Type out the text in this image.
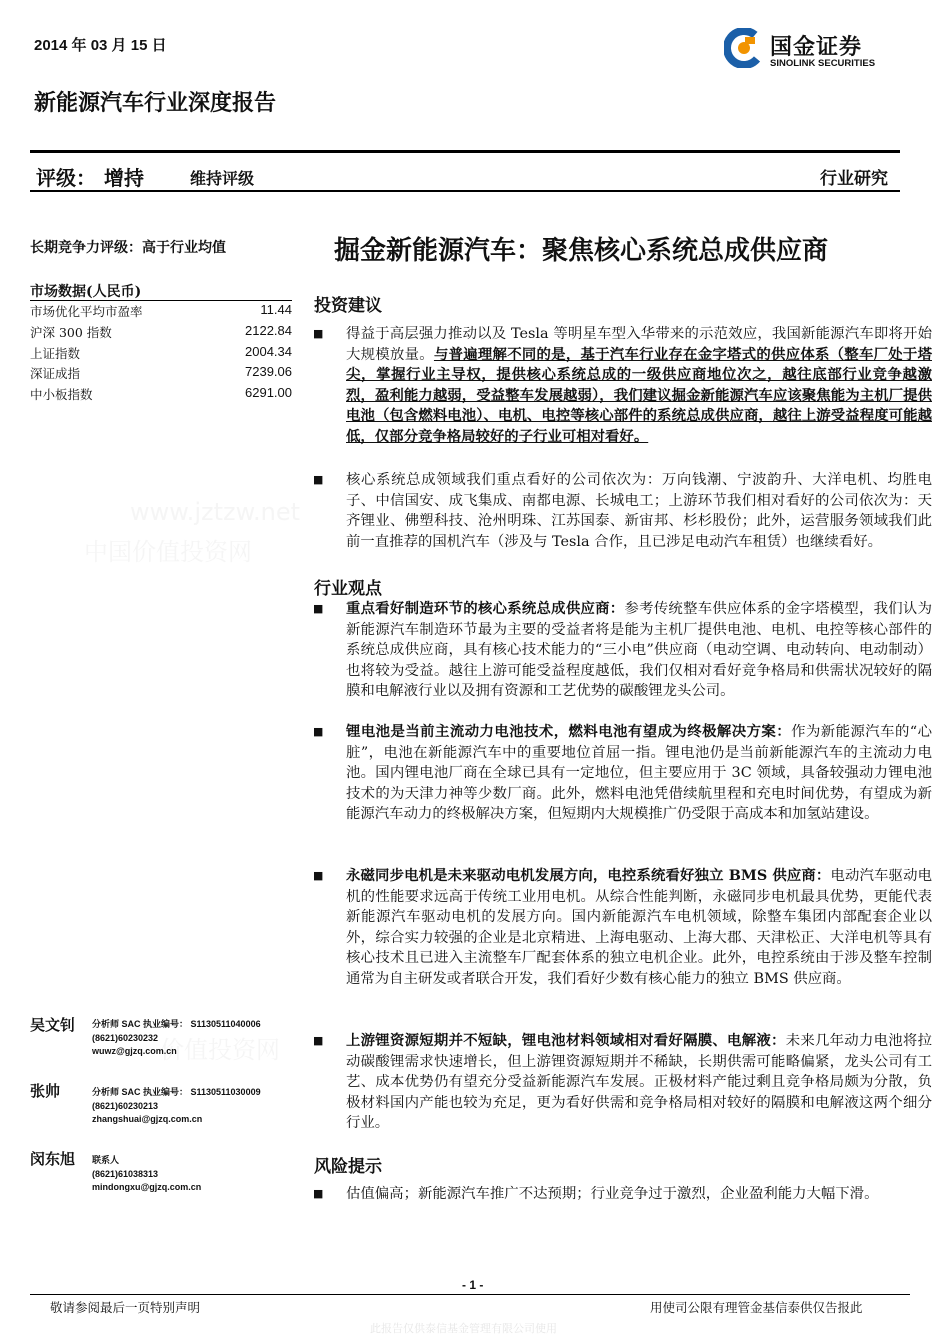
2014 年 03 月 15 日	国金证券
SINOLINK SECURITIES
新能源汽车行业深度报告
评级： 增持	维持评级	行业研究
长期竞争力评级：高于行业均值
市场数据(人民币)
市场优化平均市盈率	11.44
沪深 300 指数	2122.84
上证指数	2004.34
深证成指	7239.06
中小板指数	6291.00
吴文钊 分析师 SAC 执业编号： S1130511040006
(8621)60230232
wuwz@gjzq.com.cn
张帅	分析师 SAC 执业编号： S1130511030009
(8621)60230213
zhangshuai@gjzq.com.cn
闵东旭 联系人
(8621)61038313
mindongxu@gjzq.com.cn
掘金新能源汽车：聚焦核心系统总成供应商
投资建议
■ 得益于高层强力推动以及 Tesla 等明星车型入华带来的示范效应，我国新能源汽车即将开始大规模放量。与普遍理解不同的是，基于汽车行业存在金字塔式的供应体系（整车厂处于塔尖，掌握行业主导权，提供核心系统总成的一级供应商地位次之，越往底部行业竞争越激烈，盈利能力越弱，受益整车发展越弱），我们建议掘金新能源汽车应该聚焦能为主机厂提供电池（包含燃料电池）、电机、电控等核心部件的系统总成供应商，越往上游受益程度可能越低，仅部分竞争格局较好的子行业可相对看好。
■ 核心系统总成领域我们重点看好的公司依次为：万向钱潮、宁波韵升、大洋电机、均胜电子、中信国安、成飞集成、南都电源、长城电工；上游环节我们相对看好的公司依次为：天齐锂业、佛塑科技、沧州明珠、江苏国泰、新宙邦、杉杉股份；此外，运营服务领域我们此前一直推荐的国机汽车（涉及与 Tesla 合作，且已涉足电动汽车租赁）也继续看好。
行业观点
■ 重点看好制造环节的核心系统总成供应商：参考传统整车供应体系的金字塔模型，我们认为新能源汽车制造环节最为主要的受益者将是能为主机厂提供电池、电机、电控等核心部件的系统总成供应商，具有核心技术能力的“三小电”供应商（电动空调、电动转向、电动制动）也将较为受益。越往上游可能受益程度越低，我们仅相对看好竞争格局和供需状况较好的隔膜和电解液行业以及拥有资源和工艺优势的碳酸锂龙头公司。
■ 锂电池是当前主流动力电池技术，燃料电池有望成为终极解决方案：作为新能源汽车的“心脏”，电池在新能源汽车中的重要地位首屈一指。锂电池仍是当前新能源汽车的主流动力电池。国内锂电池厂商在全球已具有一定地位，但主要应用于 3C 领域，具备较强动力锂电池技术的为天津力神等少数厂商。此外，燃料电池凭借续航里程和充电时间优势，有望成为新能源汽车动力的终极解决方案，但短期内大规模推广仍受限于高成本和加氢站建设。
■ 永磁同步电机是未来驱动电机发展方向，电控系统看好独立 BMS 供应商：电动汽车驱动电机的性能要求远高于传统工业用电机。从综合性能判断，永磁同步电机最具优势，更能代表新能源汽车驱动电机的发展方向。国内新能源汽车电机领域，除整车集团内部配套企业以外，综合实力较强的企业是北京精进、上海电驱动、上海大郡、天津松正、大洋电机等具有核心技术且已进入主流整车厂配套体系的独立电机企业。此外，电控系统由于涉及整车控制通常为自主研发或者联合开发，我们看好少数有核心能力的独立 BMS 供应商。
■ 上游锂资源短期并不短缺，锂电池材料领域相对看好隔膜、电解液：未来几年动力电池将拉动碳酸锂需求快速增长，但上游锂资源短期并不稀缺，长期供需可能略偏紧，龙头公司有工艺、成本优势仍有望充分受益新能源汽车发展。正极材料产能过剩且竞争格局颇为分散，负极材料国内产能也较为充足，更为看好供需和竞争格局相对较好的隔膜和电解液这两个细分行业。
风险提示
■ 估值偏高；新能源汽车推广不达预期；行业竞争过于激烈，企业盈利能力大幅下滑。
www.jztzw.net
中国价值投资网
价值投资网
- 1 -
敬请参阅最后一页特别声明	用使司公限有理管金基信泰供仅告报此
此报告仅供泰信基金管理有限公司使用
